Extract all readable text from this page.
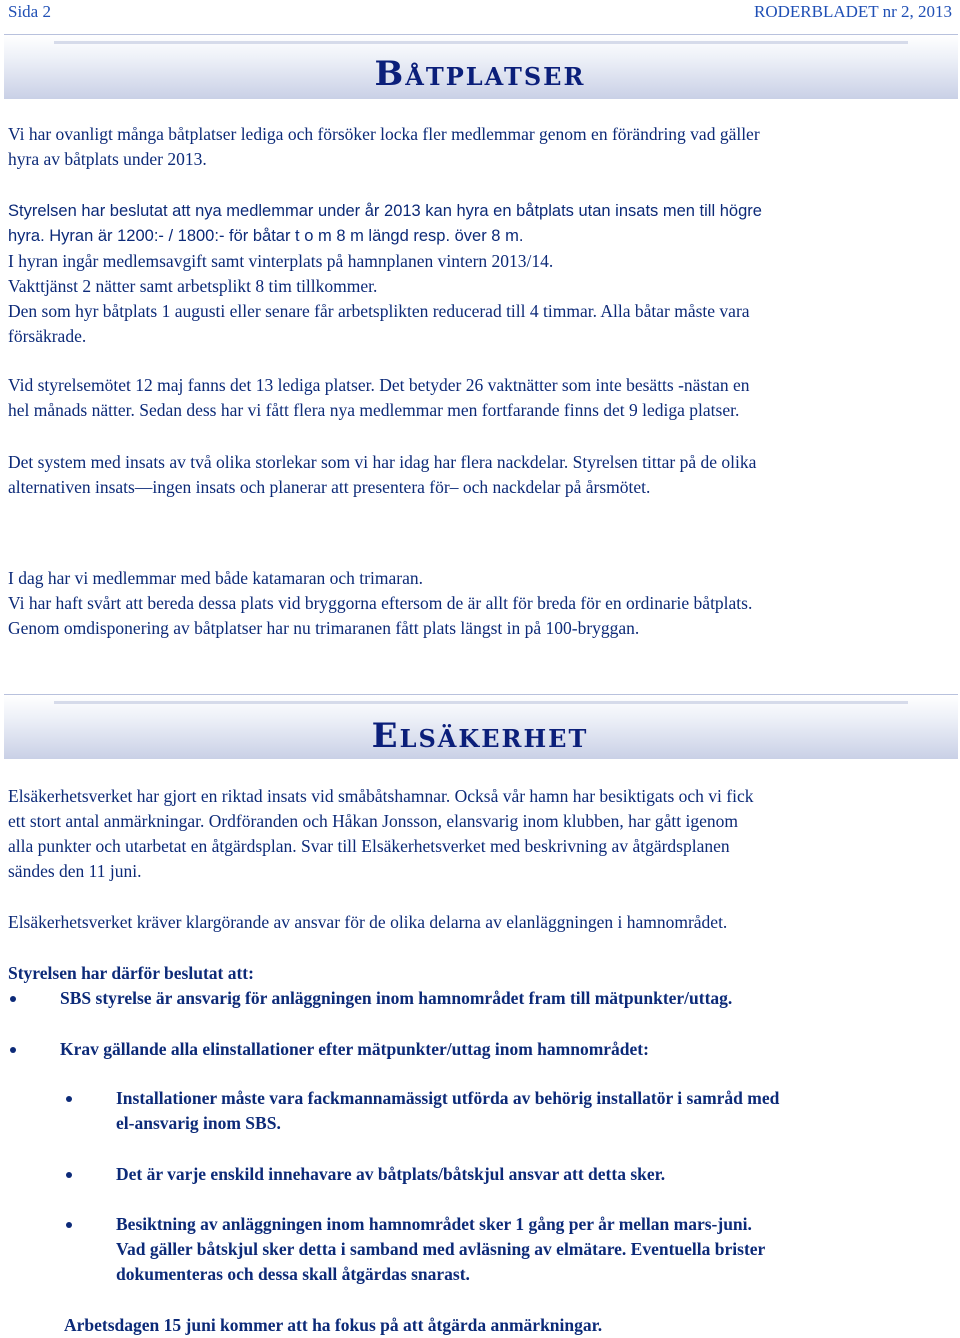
Sida 2	RODERBLADET nr 2, 2013
Båtplatser
Vi har ovanligt många båtplatser lediga och försöker locka fler medlemmar genom en förändring vad gäller
hyra av båtplats under 2013.
Styrelsen har beslutat att nya medlemmar under år 2013 kan hyra en båtplats utan insats men till högre
hyra. Hyran är 1200:- / 1800:- för båtar t o m 8 m längd resp. över 8 m.
I hyran ingår medlemsavgift samt vinterplats på hamnplanen vintern 2013/14.
Vakttjänst 2 nätter samt arbetsplikt 8 tim tillkommer.
Den som hyr båtplats 1 augusti eller senare får arbetsplikten reducerad till 4 timmar. Alla båtar måste vara
försäkrade.
Vid styrelsemötet 12 maj fanns det 13 lediga platser. Det betyder 26 vaktnätter som inte besätts -nästan en
hel månads nätter. Sedan dess har vi fått flera nya medlemmar men fortfarande finns det 9 lediga platser.
Det system med insats av två olika storlekar som vi har idag har flera nackdelar. Styrelsen tittar på de olika
alternativen insats—ingen insats och planerar att presentera för– och nackdelar på årsmötet.
I dag har vi medlemmar med både katamaran och trimaran.
Vi har haft svårt att bereda dessa plats vid bryggorna eftersom de är allt för breda för en ordinarie båtplats.
Genom omdisponering av båtplatser har nu trimaranen fått plats längst in på 100-bryggan.
Elsäkerhet
Elsäkerhetsverket har gjort en riktad insats vid småbåtshamnar. Också vår hamn har besiktigats och vi fick
ett stort antal anmärkningar. Ordföranden och Håkan Jonsson, elansvarig inom klubben, har gått igenom
alla punkter och utarbetat en åtgärdsplan. Svar till Elsäkerhetsverket med beskrivning av åtgärdsplanen
sändes den 11 juni.
Elsäkerhetsverket kräver klargörande av ansvar för de olika delarna av elanläggningen i hamnområdet.
Styrelsen har därför beslutat att:
SBS styrelse är ansvarig för anläggningen inom hamnområdet fram till mätpunkter/uttag.
Krav gällande alla elinstallationer efter mätpunkter/uttag inom hamnområdet:
Installationer måste vara fackmannamässigt utförda av behörig installatör i samråd med
el-ansvarig inom SBS.
Det är varje enskild innehavare av båtplats/båtskjul ansvar att detta sker.
Besiktning av anläggningen inom hamnområdet sker 1 gång per år mellan mars-juni.
Vad gäller båtskjul sker detta i samband med avläsning av elmätare. Eventuella brister
dokumenteras och dessa skall åtgärdas snarast.
Arbetsdagen 15 juni kommer att ha fokus på att åtgärda anmärkningar.
